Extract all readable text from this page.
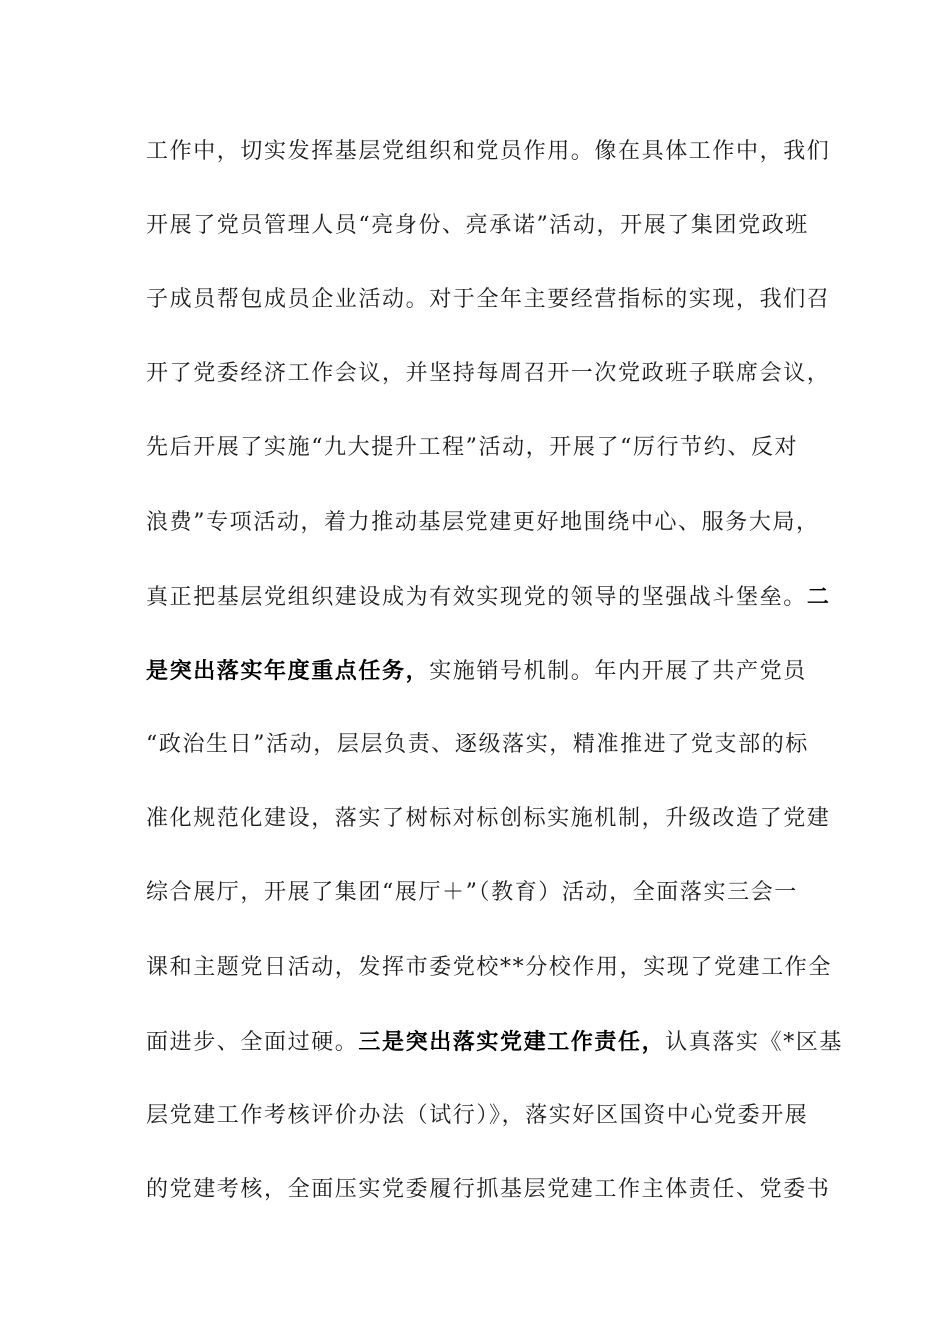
工作中，切实发挥基层党组织和党员作用。像在具体工作中，我们
开展了党员管理人员“亮身份、亮承诺”活动，开展了集团党政班
子成员帮包成员企业活动。对于全年主要经营指标的实现，我们召
开了党委经济工作会议，并坚持每周召开一次党政班子联席会议，
先后开展了实施“九大提升工程”活动，开展了“厉行节约、反对
浪费”专项活动，着力推动基层党建更好地围绕中心、服务大局，
真正把基层党组织建设成为有效实现党的领导的坚强战斗堡垒。二
是突出落实年度重点任务，实施销号机制。年内开展了共产党员
“政治生日”活动，层层负责、逐级落实，精准推进了党支部的标
准化规范化建设，落实了树标对标创标实施机制，升级改造了党建
综合展厅，开展了集团“展厅＋”（教育）活动，全面落实三会一
课和主题党日活动，发挥市委党校**分校作用，实现了党建工作全
面进步、全面过硬。三是突出落实党建工作责任，认真落实《*区基
层党建工作考核评价办法（试行）》，落实好区国资中心党委开展
的党建考核，全面压实党委履行抓基层党建工作主体责任、党委书
